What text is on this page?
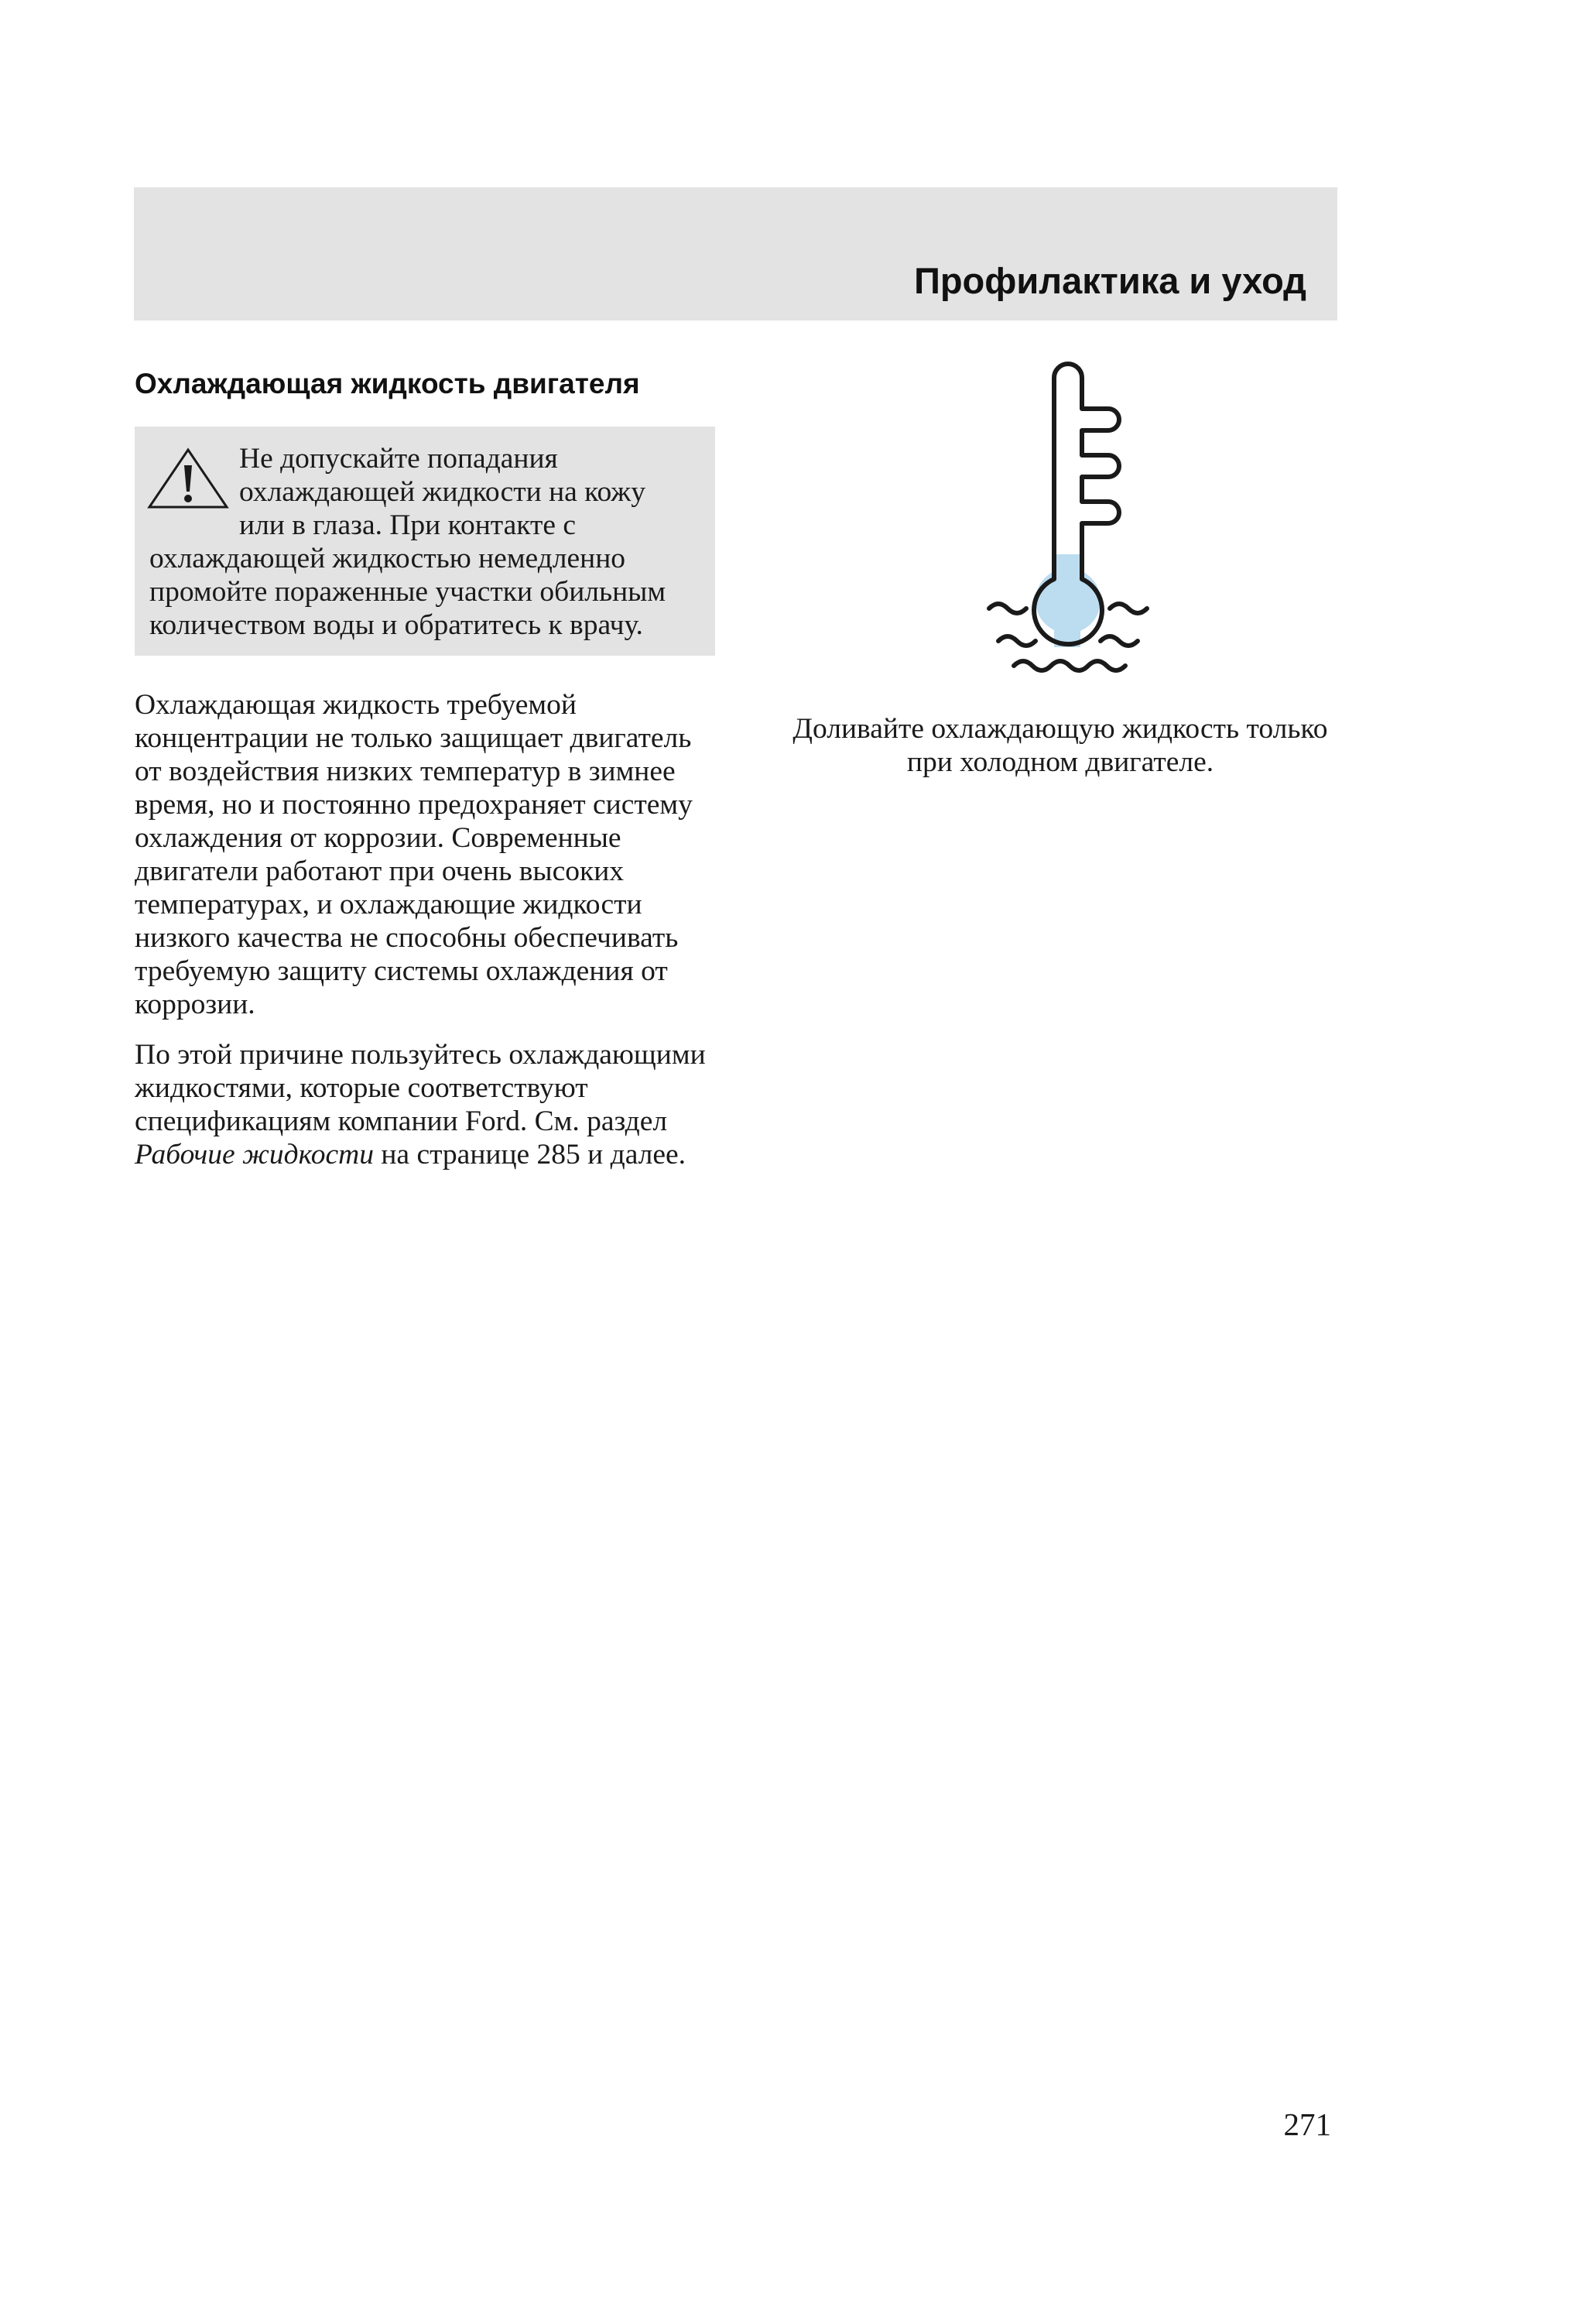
Профилактика и уход
Охлаждающая жидкость двигателя
Не допускайте попадания охлаждающей жидкости на кожу или в глаза. При контакте с охлаждающей жидкостью немедленно промойте пораженные участки обильным количеством воды и обратитесь к врачу.

Охлаждающая жидкость требуемой концентрации не только защищает двигатель от воздействия низких температур в зимнее время, но и постоянно предохраняет систему охлаждения от коррозии. Современные двигатели работают при очень высоких температурах, и охлаждающие жидкости низкого качества не способны обеспечивать требуемую защиту системы охлаждения от коррозии.

По этой причине пользуйтесь охлаждающими жидкостями, которые соответствуют спецификациям компании Ford. См. раздел Рабочие жидкости на странице 285 и далее.

Доливайте охлаждающую жидкость только при холодном двигателе.
271
